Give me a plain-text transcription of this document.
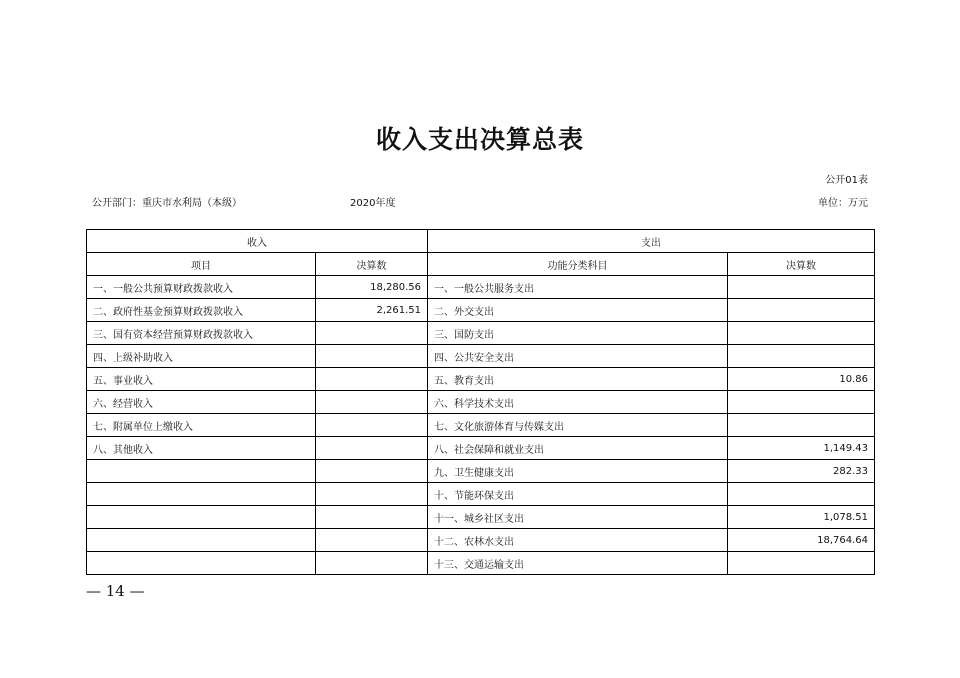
收入支出决算总表
公开01表
公开部门：重庆市水利局（本级）	2020年度	单位：万元
收入		支出	
项目	决算数	功能分类科目	决算数
一、一般公共预算财政拨款收入	18,280.56	一、一般公共服务支出	
二、政府性基金预算财政拨款收入	2,261.51	二、外交支出	
三、国有资本经营预算财政拨款收入		三、国防支出	
四、上级补助收入		四、公共安全支出	
五、事业收入		五、教育支出	10.86
六、经营收入		六、科学技术支出	
七、附属单位上缴收入		七、文化旅游体育与传媒支出	
八、其他收入		八、社会保障和就业支出	1,149.43
		九、卫生健康支出	282.33
		十、节能环保支出	
		十一、城乡社区支出	1,078.51
		十二、农林水支出	18,764.64
		十三、交通运输支出	
— 14 —
